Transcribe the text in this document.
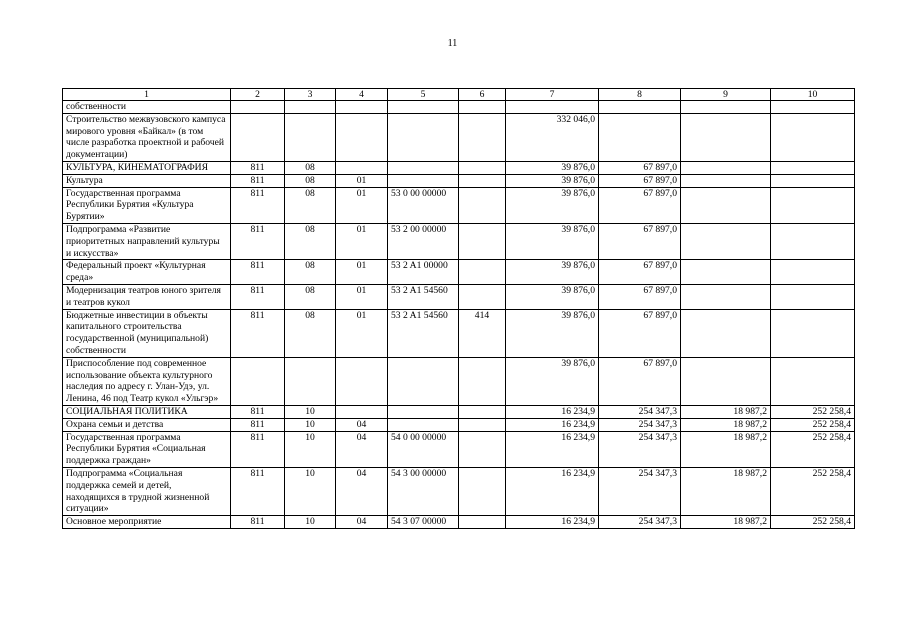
11
1	2	3	4	5	6	7	8	9	10
собственности									
Строительство межвузовского кампуса мирового уровня «Байкал» (в том числе разработка проектной и рабочей документации)						332 046,0			
КУЛЬТУРА, КИНЕМАТОГРАФИЯ	811	08				39 876,0	67 897,0		
Культура	811	08	01			39 876,0	67 897,0		
Государственная программа Республики Бурятия «Культура Бурятии»	811	08	01	53 0 00 00000		39 876,0	67 897,0		
Подпрограмма «Развитие приоритетных направлений культуры и искусства»	811	08	01	53 2 00 00000		39 876,0	67 897,0		
Федеральный проект «Культурная среда»	811	08	01	53 2 A1 00000		39 876,0	67 897,0		
Модернизация театров юного зрителя и театров кукол	811	08	01	53 2 A1 54560		39 876,0	67 897,0		
Бюджетные инвестиции в объекты капитального строительства государственной (муниципальной) собственности	811	08	01	53 2 A1 54560	414	39 876,0	67 897,0		
Приспособление под современное использование объекта культурного наследия по адресу г. Улан-Удэ, ул. Ленина, 46 под Театр кукол «Ульгэр»						39 876,0	67 897,0		
СОЦИАЛЬНАЯ ПОЛИТИКА	811	10				16 234,9	254 347,3	18 987,2	252 258,4
Охрана семьи и детства	811	10	04			16 234,9	254 347,3	18 987,2	252 258,4
Государственная программа Республики Бурятия «Социальная поддержка граждан»	811	10	04	54 0 00 00000		16 234,9	254 347,3	18 987,2	252 258,4
Подпрограмма «Социальная поддержка семей и детей, находящихся в трудной жизненной ситуации»	811	10	04	54 3 00 00000		16 234,9	254 347,3	18 987,2	252 258,4
Основное мероприятие	811	10	04	54 3 07 00000		16 234,9	254 347,3	18 987,2	252 258,4
